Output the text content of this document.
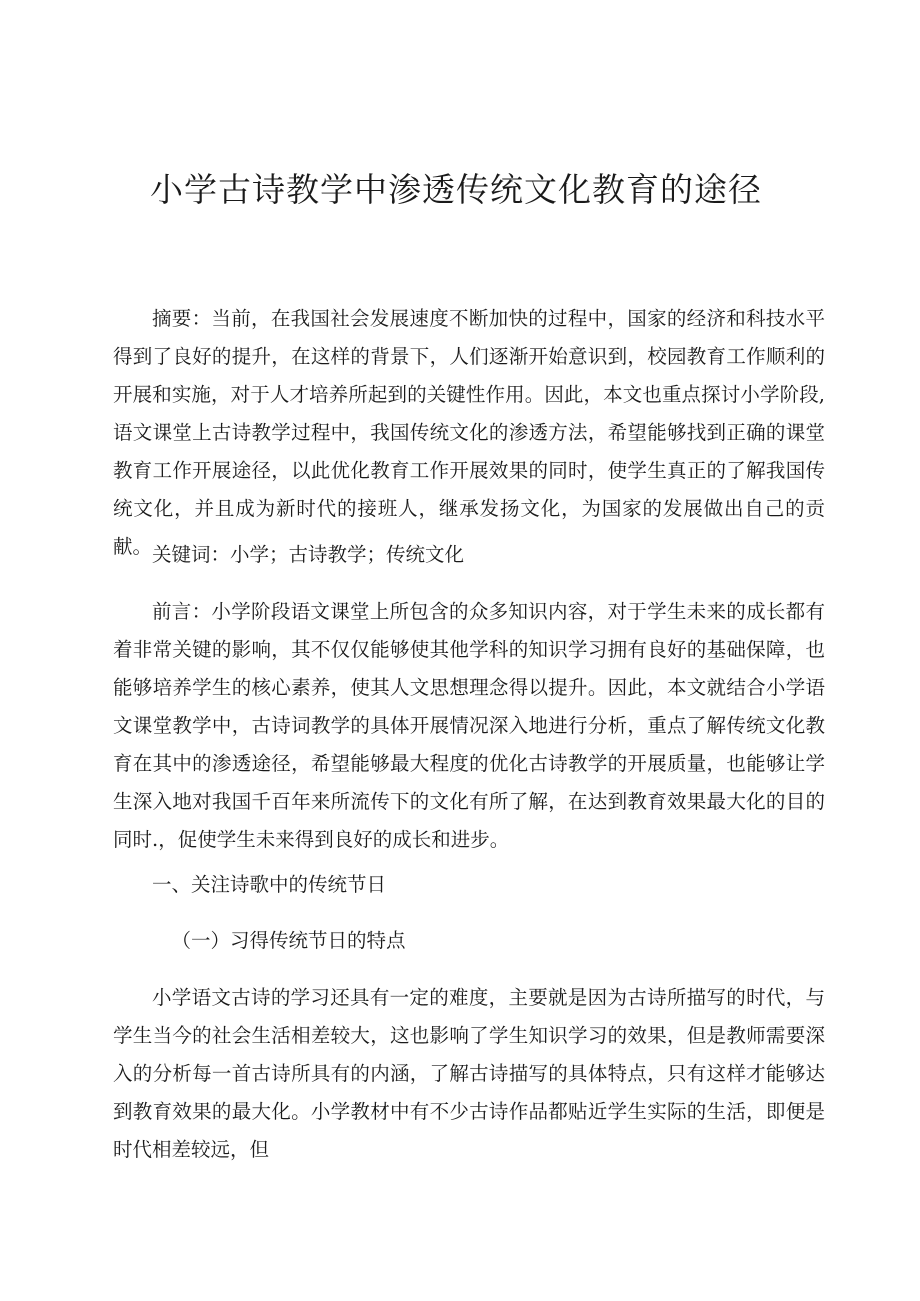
小学古诗教学中渗透传统文化教育的途径

摘要：当前，在我国社会发展速度不断加快的过程中，国家的经济和科技水平得到了良好的提升，在这样的背景下，人们逐渐开始意识到，校园教育工作顺利的开展和实施，对于人才培养所起到的关键性作用。因此，本文也重点探讨小学阶段,语文课堂上古诗教学过程中，我国传统文化的渗透方法，希望能够找到正确的课堂教育工作开展途径，以此优化教育工作开展效果的同时，使学生真正的了解我国传统文化，并且成为新时代的接班人，继承发扬文化，为国家的发展做出自己的贡献。 关键词：小学；古诗教学；传统文化

前言：小学阶段语文课堂上所包含的众多知识内容，对于学生未来的成长都有着非常关键的影响，其不仅仅能够使其他学科的知识学习拥有良好的基础保障，也能够培养学生的核心素养，使其人文思想理念得以提升。因此，本文就结合小学语文课堂教学中，古诗词教学的具体开展情况深入地进行分析，重点了解传统文化教育在其中的渗透途径，希望能够最大程度的优化古诗教学的开展质量，也能够让学生深入地对我国千百年来所流传下的文化有所了解，在达到教育效果最大化的目的同时.，促使学生未来得到良好的成长和进步。

一、关注诗歌中的传统节日

（一）习得传统节日的特点

小学语文古诗的学习还具有一定的难度，主要就是因为古诗所描写的时代，与学生当今的社会生活相差较大，这也影响了学生知识学习的效果，但是教师需要深入的分析每一首古诗所具有的内涵，了解古诗描写的具体特点，只有这样才能够达到教育效果的最大化。小学教材中有不少古诗作品都贴近学生实际的生活，即便是时代相差较远，但
